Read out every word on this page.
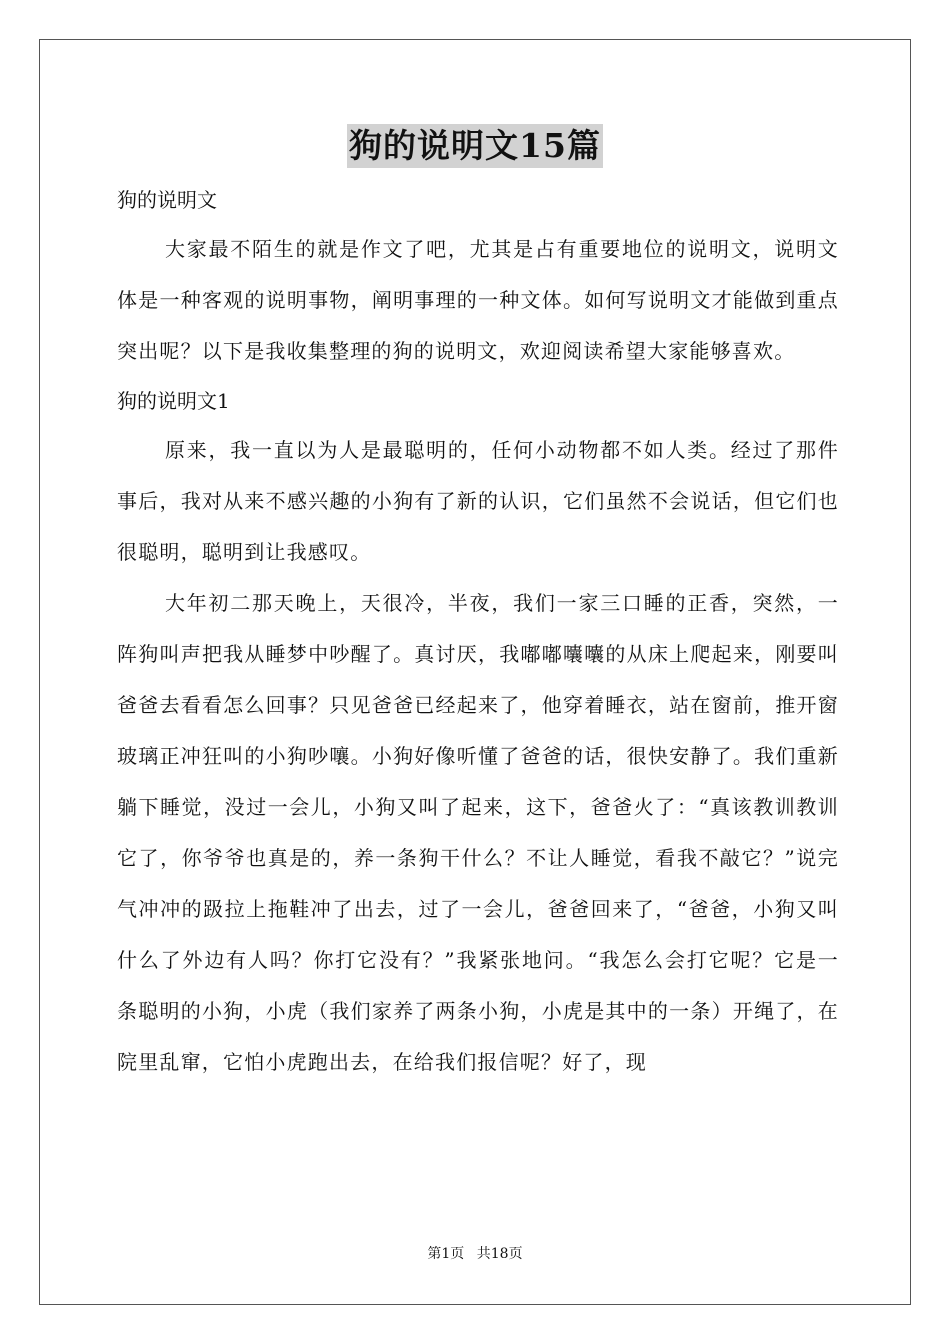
狗的说明文15篇

狗的说明文

大家最不陌生的就是作文了吧，尤其是占有重要地位的说明文，说明文体是一种客观的说明事物，阐明事理的一种文体。如何写说明文才能做到重点突出呢？以下是我收集整理的狗的说明文，欢迎阅读希望大家能够喜欢。

狗的说明文1

原来，我一直以为人是最聪明的，任何小动物都不如人类。经过了那件事后，我对从来不感兴趣的小狗有了新的认识，它们虽然不会说话，但它们也很聪明，聪明到让我感叹。

大年初二那天晚上，天很冷，半夜，我们一家三口睡的正香，突然，一阵狗叫声把我从睡梦中吵醒了。真讨厌，我嘟嘟囔囔的从床上爬起来，刚要叫爸爸去看看怎么回事？只见爸爸已经起来了，他穿着睡衣，站在窗前，推开窗玻璃正冲狂叫的小狗吵嚷。小狗好像听懂了爸爸的话，很快安静了。我们重新躺下睡觉，没过一会儿，小狗又叫了起来，这下，爸爸火了：“真该教训教训它了，你爷爷也真是的，养一条狗干什么？不让人睡觉，看我不敲它？”说完气冲冲的趿拉上拖鞋冲了出去，过了一会儿，爸爸回来了，“爸爸，小狗又叫什么了外边有人吗？你打它没有？”我紧张地问。“我怎么会打它呢？它是一条聪明的小狗，小虎（我们家养了两条小狗，小虎是其中的一条）开绳了，在院里乱窜，它怕小虎跑出去，在给我们报信呢？好了，现

第1页 共18页
